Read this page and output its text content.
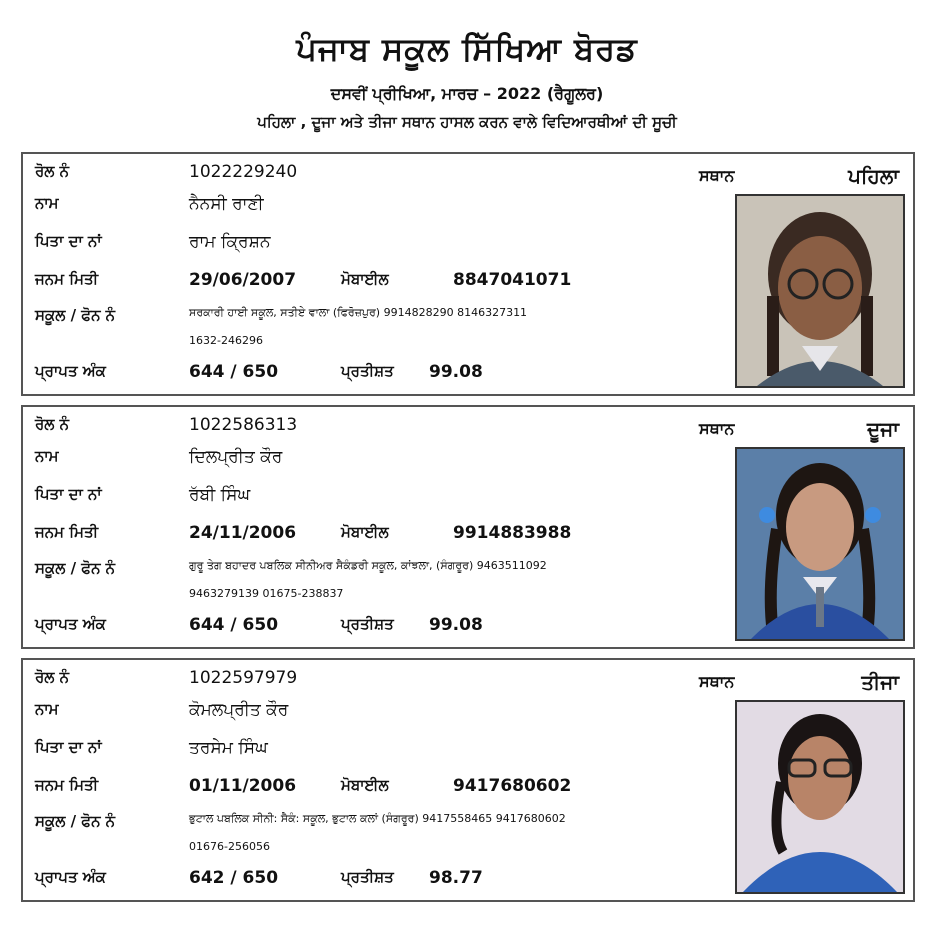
ਪੰਜਾਬ ਸਕੂਲ ਸਿੱਖਿਆ ਬੋਰਡ
ਦਸਵੀਂ ਪ੍ਰੀਖਿਆ, ਮਾਰਚ – 2022 (ਰੈਗੂਲਰ)
ਪਹਿਲਾ , ਦੂਜਾ ਅਤੇ ਤੀਜਾ ਸਥਾਨ ਹਾਸਲ ਕਰਨ ਵਾਲੇ ਵਿਦਿਆਰਥੀਆਂ ਦੀ ਸੂਚੀ
ਰੋਲ ਨੰ	1022229240
ਨਾਮ	ਨੈਨਸੀ ਰਾਣੀ
ਪਿਤਾ ਦਾ ਨਾਂ	ਰਾਮ ਕ੍ਰਿਸ਼ਨ
ਜਨਮ ਮਿਤੀ	29/06/2007	ਮੋਬਾਈਲ	8847041071
ਸਕੂਲ / ਫੋਨ ਨੰ	ਸਰਕਾਰੀ ਹਾਈ ਸਕੂਲ, ਸਤੀਏ ਵਾਲਾ (ਫਿਰੋਜ਼ਪੁਰ) 9914828290 8146327311
1632-246296
ਪ੍ਰਾਪਤ ਅੰਕ	644 / 650	ਪ੍ਰਤੀਸ਼ਤ 99.08
ਸਥਾਨ	ਪਹਿਲਾ
ਰੋਲ ਨੰ	1022586313
ਨਾਮ	ਦਿਲਪ੍ਰੀਤ ਕੌਰ
ਪਿਤਾ ਦਾ ਨਾਂ	ਰੱਬੀ ਸਿੰਘ
ਜਨਮ ਮਿਤੀ	24/11/2006	ਮੋਬਾਈਲ	9914883988
ਸਕੂਲ / ਫੋਨ ਨੰ	ਗੁਰੂ ਤੇਗ ਬਹਾਦਰ ਪਬਲਿਕ ਸੀਨੀਅਰ ਸੈਕੰਡਰੀ ਸਕੂਲ, ਕਾਂਝਲਾ, (ਸੰਗਰੂਰ) 9463511092
9463279139 01675-238837
ਪ੍ਰਾਪਤ ਅੰਕ	644 / 650	ਪ੍ਰਤੀਸ਼ਤ 99.08
ਸਥਾਨ	ਦੂਜਾ
ਰੋਲ ਨੰ	1022597979
ਨਾਮ	ਕੋਮਲਪ੍ਰੀਤ ਕੌਰ
ਪਿਤਾ ਦਾ ਨਾਂ	ਤਰਸੇਮ ਸਿੰਘ
ਜਨਮ ਮਿਤੀ	01/11/2006	ਮੋਬਾਈਲ	9417680602
ਸਕੂਲ / ਫੋਨ ਨੰ	ਭੁਟਾਲ ਪਬਲਿਕ ਸੀਨੀ: ਸੈਕੰ: ਸਕੂਲ, ਭੁਟਾਲ ਕਲਾਂ (ਸੰਗਰੂਰ) 9417558465 9417680602
01676-256056
ਪ੍ਰਾਪਤ ਅੰਕ	642 / 650	ਪ੍ਰਤੀਸ਼ਤ 98.77
ਸਥਾਨ	ਤੀਜਾ
